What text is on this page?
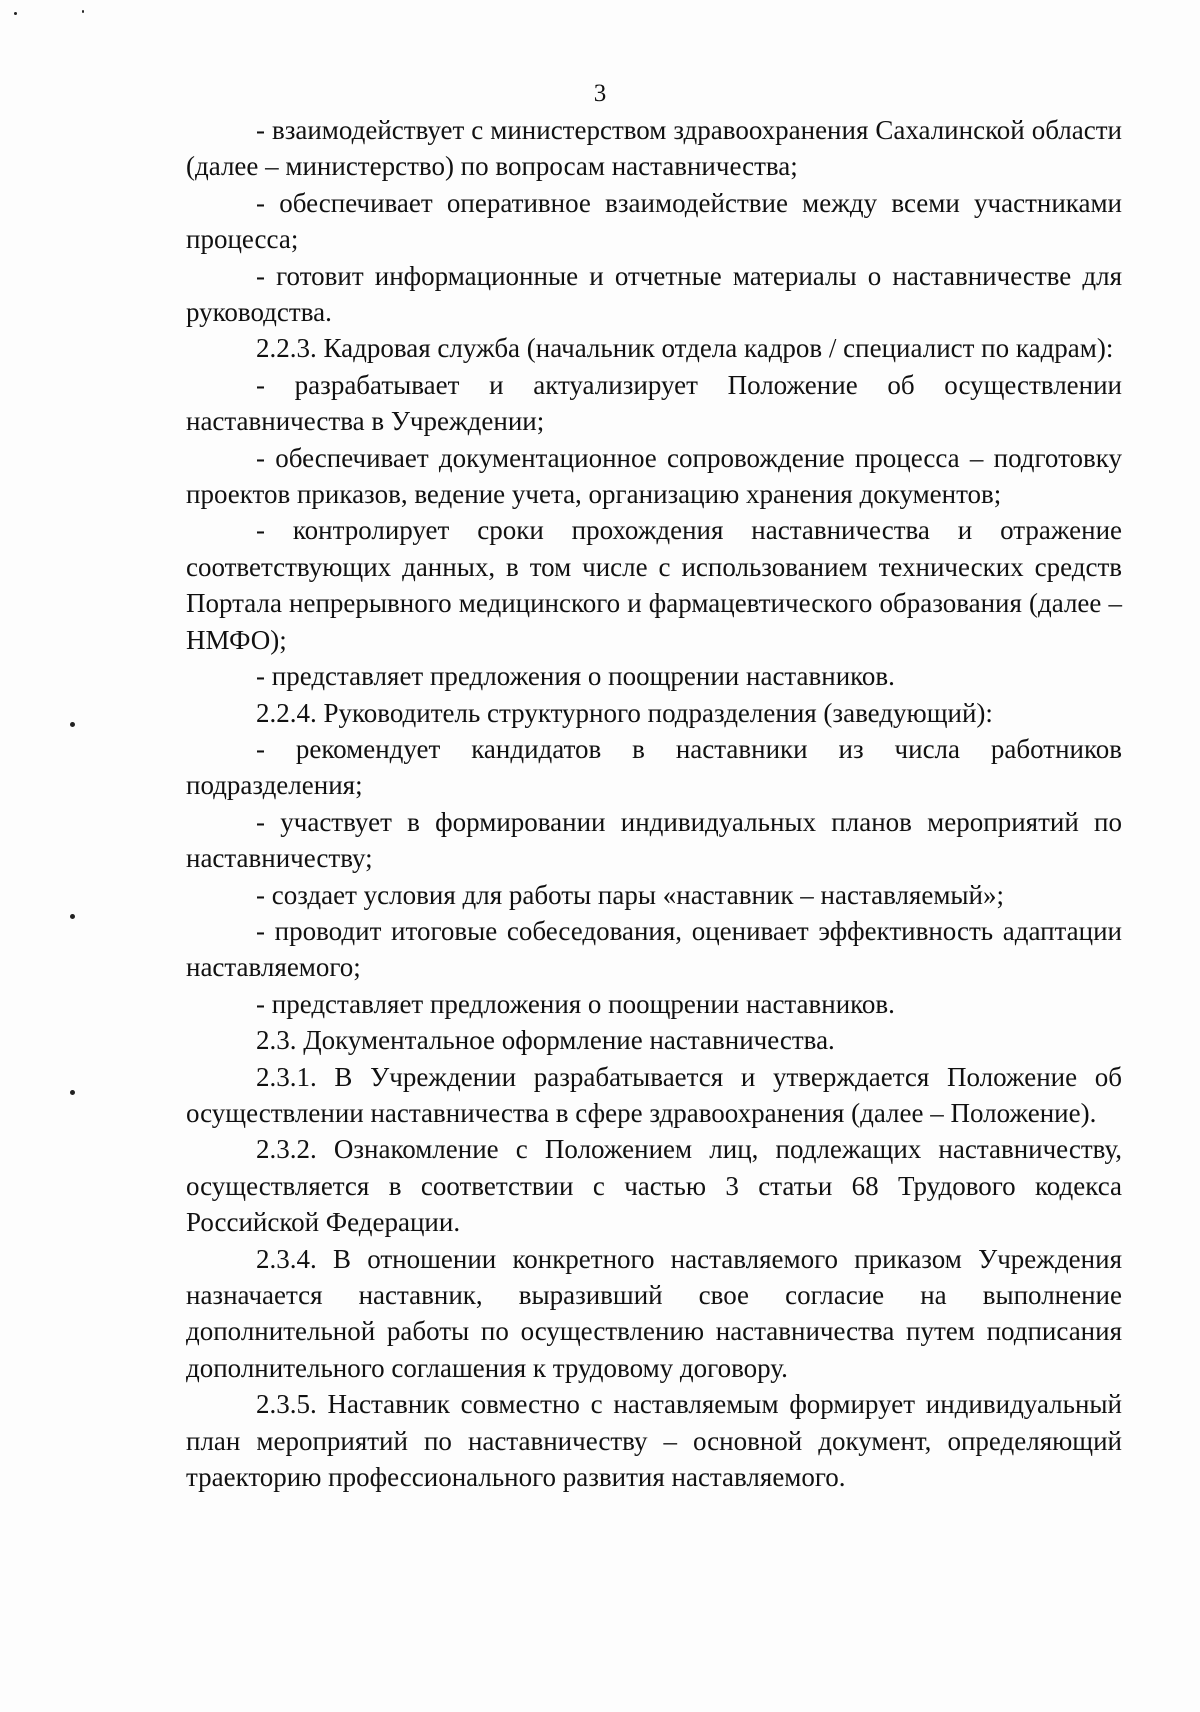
3

- взаимодействует с министерством здравоохранения Сахалинской области (далее – министерство) по вопросам наставничества;

- обеспечивает оперативное взаимодействие между всеми участниками процесса;

- готовит информационные и отчетные материалы о наставничестве для руководства.

2.2.3. Кадровая служба (начальник отдела кадров / специалист по кадрам):

- разрабатывает и актуализирует Положение об осуществлении наставничества в Учреждении;

- обеспечивает документационное сопровождение процесса – подготовку проектов приказов, ведение учета, организацию хранения документов;

- контролирует сроки прохождения наставничества и отражение соответствующих данных, в том числе с использованием технических средств Портала непрерывного медицинского и фармацевтического образования (далее – НМФО);

- представляет предложения о поощрении наставников.

2.2.4. Руководитель структурного подразделения (заведующий):

- рекомендует кандидатов в наставники из числа работников подразделения;

- участвует в формировании индивидуальных планов мероприятий по наставничеству;

- создает условия для работы пары «наставник – наставляемый»;

- проводит итоговые собеседования, оценивает эффективность адаптации наставляемого;

- представляет предложения о поощрении наставников.

2.3. Документальное оформление наставничества.

2.3.1. В Учреждении разрабатывается и утверждается Положение об осуществлении наставничества в сфере здравоохранения (далее – Положение).

2.3.2. Ознакомление с Положением лиц, подлежащих наставничеству, осуществляется в соответствии с частью 3 статьи 68 Трудового кодекса Российской Федерации.

2.3.4. В отношении конкретного наставляемого приказом Учреждения назначается наставник, выразивший свое согласие на выполнение дополнительной работы по осуществлению наставничества путем подписания дополнительного соглашения к трудовому договору.

2.3.5. Наставник совместно с наставляемым формирует индивидуальный план мероприятий по наставничеству – основной документ, определяющий траекторию профессионального развития наставляемого.
